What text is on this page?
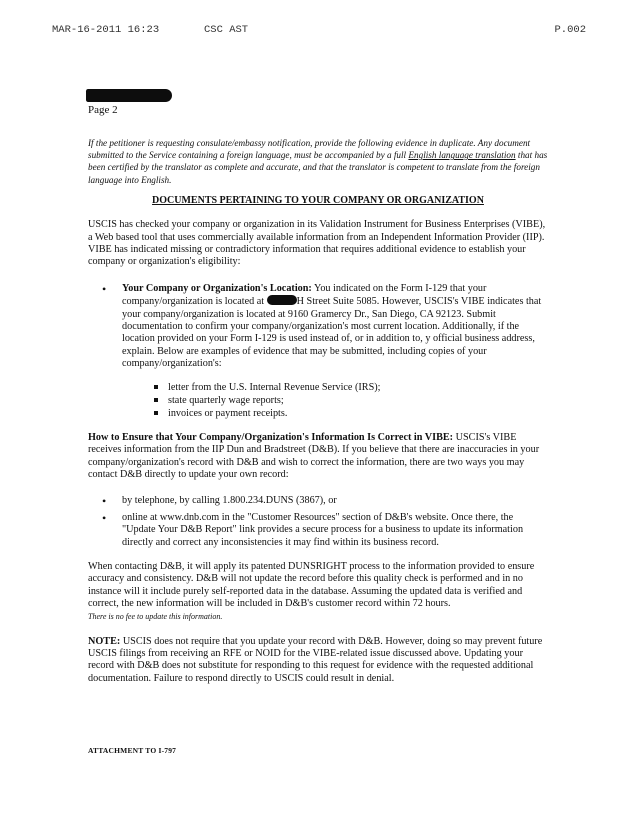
MAR-16-2011 16:23	CSC AST	P.002
Page 2

If the petitioner is requesting consulate/embassy notification, provide the following evidence in duplicate. Any document submitted to the Service containing a foreign language, must be accompanied by a full English language translation that has been certified by the translator as complete and accurate, and that the translator is competent to translate from the foreign language into English.

DOCUMENTS PERTAINING TO YOUR COMPANY OR ORGANIZATION

USCIS has checked your company or organization in its Validation Instrument for Business Enterprises (VIBE), a Web based tool that uses commercially available information from an Independent Information Provider (IIP). VIBE has indicated missing or contradictory information that requires additional evidence to establish your company or organization's eligibility:

• Your Company or Organization's Location: You indicated on the Form I-129 that your company/organization is located at	H Street Suite 5085. However, USCIS's VIBE indicates that your company/organization is located at 9160 Gramercy Dr., San Diego, CA 92123. Submit documentation to confirm your company/organization's most current location. Additionally, if the location provided on your Form I-129 is used instead of, or in addition to, y official business address, explain. Below are examples of evidence that may be submitted, including copies of your company/organization's:
letter from the U.S. Internal Revenue Service (IRS);
state quarterly wage reports;
invoices or payment receipts.

How to Ensure that Your Company/Organization's Information Is Correct in VIBE: USCIS's VIBE receives information from the IIP Dun and Bradstreet (D&B). If you believe that there are inaccuracies in your company/organization's record with D&B and wish to correct the information, there are two ways you may contact D&B directly to update your own record:

• by telephone, by calling 1.800.234.DUNS (3867), or
• online at www.dnb.com in the "Customer Resources" section of D&B's website. Once there, the "Update Your D&B Report" link provides a secure process for a business to update its information directly and correct any inconsistencies it may find within its business record.

When contacting D&B, it will apply its patented DUNSRIGHT process to the information provided to ensure accuracy and consistency. D&B will not update the record before this quality check is performed and in no instance will it include purely self-reported data in the database. Assuming the updated data is verified and correct, the new information will be included in D&B's customer record within 72 hours.
There is no fee to update this information.

NOTE: USCIS does not require that you update your record with D&B. However, doing so may prevent future USCIS filings from receiving an RFE or NOID for the VIBE-related issue discussed above. Updating your record with D&B does not substitute for responding to this request for evidence with the requested additional documentation. Failure to respond directly to USCIS could result in denial.

ATTACHMENT TO I-797
